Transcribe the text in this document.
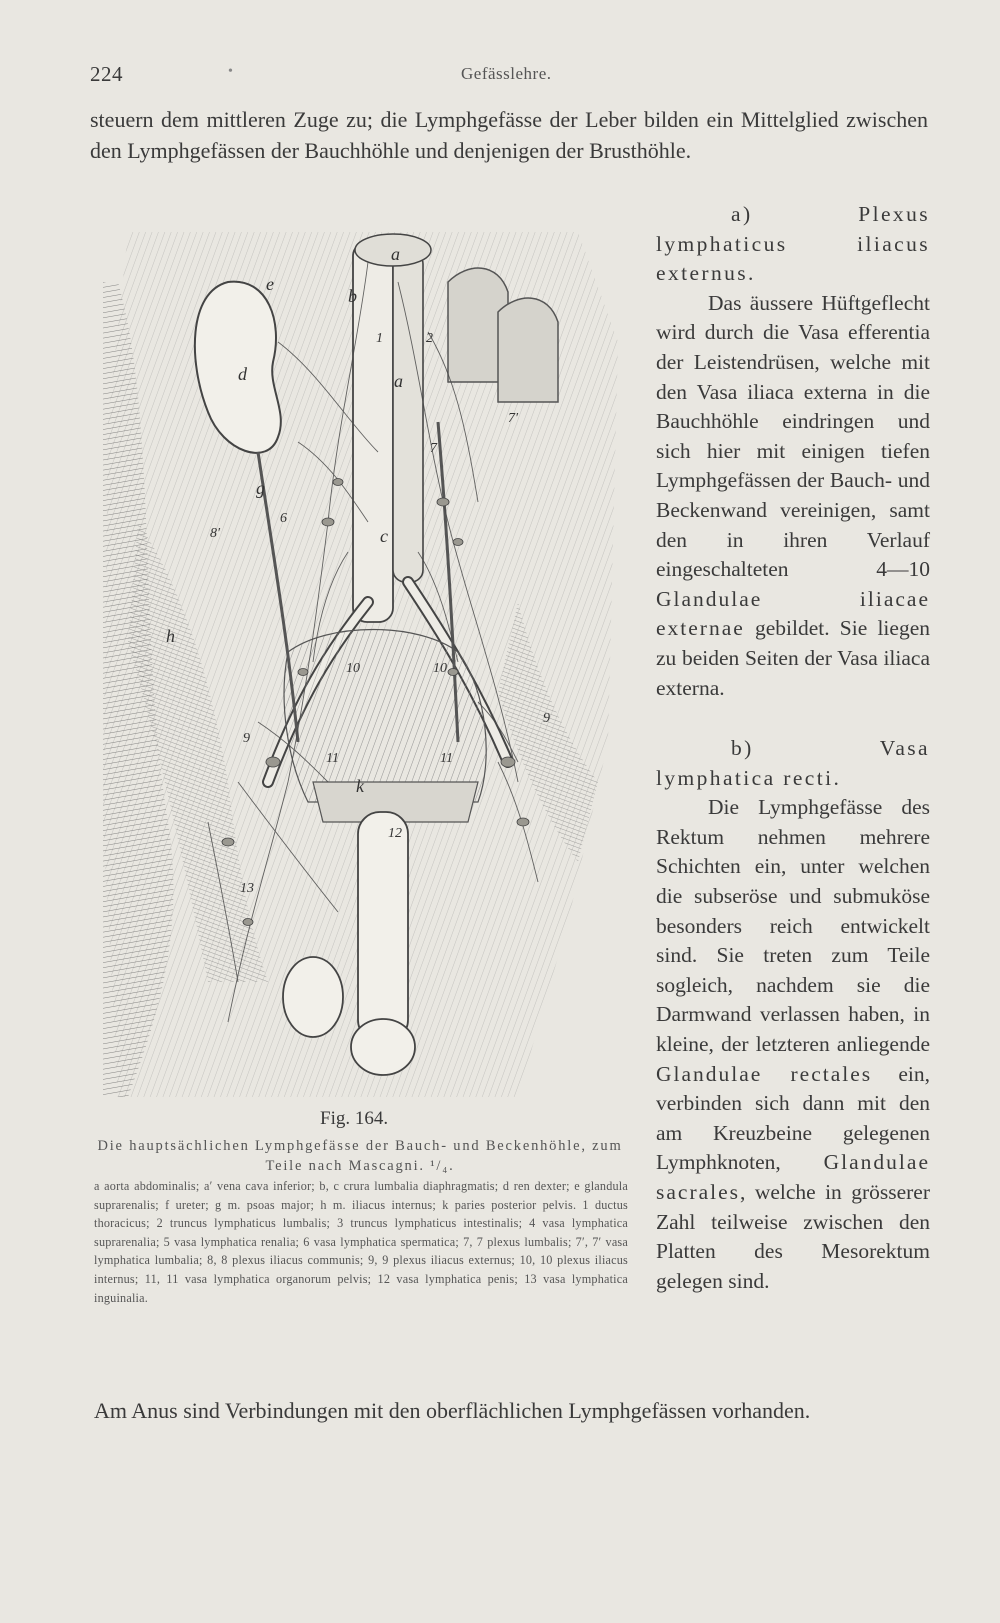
224	•	Gefässlehre.
steuern dem mittleren Zuge zu; die Lymphgefässe der Leber bilden ein Mittelglied zwischen den Lymphgefässen der Bauchhöhle und denjenigen der Brusthöhle.
a
a
b
c
d
e
g
h
k
1	2
6
7
7′
8′
9
9
10	10
11	11
12
13
Fig. 164.
Die hauptsächlichen Lymphgefässe der Bauch- und Beckenhöhle, zum Teile nach Mascagni. ¹/₄.
a aorta abdominalis; a′ vena cava inferior; b, c crura lumbalia diaphragmatis; d ren dexter; e glandula suprarenalis; f ureter; g m. psoas major; h m. iliacus internus; k paries posterior pelvis. 1 ductus thoracicus; 2 truncus lymphaticus lumbalis; 3 truncus lymphaticus intestinalis; 4 vasa lymphatica suprarenalia; 5 vasa lymphatica renalia; 6 vasa lymphatica spermatica; 7, 7 plexus lumbalis; 7′, 7′ vasa lymphatica lumbalia; 8, 8 plexus iliacus communis; 9, 9 plexus iliacus externus; 10, 10 plexus iliacus internus; 11, 11 vasa lymphatica organorum pelvis; 12 vasa lymphatica penis; 13 vasa lymphatica inguinalia.
a) Plexus lymphaticus iliacus externus.
Das äussere Hüftgeflecht wird durch die Vasa efferentia der Leistendrüsen, welche mit den Vasa iliaca externa in die Bauchhöhle eindringen und sich hier mit einigen tiefen Lymphgefässen der Bauch- und Beckenwand vereinigen, samt den in ihren Verlauf eingeschalteten 4—10 Glandulae iliacae externae gebildet. Sie liegen zu beiden Seiten der Vasa iliaca externa.
b) Vasa lymphatica recti.
Die Lymphgefässe des Rektum nehmen mehrere Schichten ein, unter welchen die subseröse und submuköse besonders reich entwickelt sind. Sie treten zum Teile sogleich, nachdem sie die Darmwand verlassen haben, in kleine, der letzteren anliegende Glandulae rectales ein, verbinden sich dann mit den am Kreuzbeine gelegenen Lymphknoten, Glandulae sacrales, welche in grösserer Zahl teilweise zwischen den Platten des Mesorektum gelegen sind.
Am Anus sind Verbindungen mit den oberflächlichen Lymphgefässen vorhanden.
